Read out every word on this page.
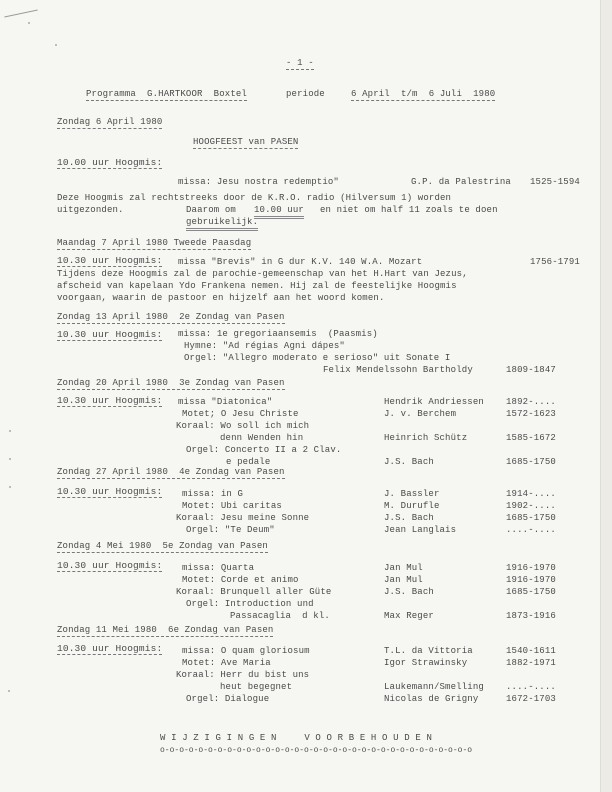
- 1 -
Programma  G.HARTKOOR  Boxtel	periode	6 April  t/m  6 Juli  1980
Zondag 6 April 1980
HOOGFEEST van PASEN
10.00 uur Hoogmis:
missa: Jesu nostra redemptio"	G.P. da Palestrina 1525-1594
Deze Hoogmis zal rechtstreeks door de K.R.O. radio (Hilversum 1) worden
uitgezonden.	Daarom om 10.00 uur en niet om half 11 zoals te doen
gebruikelijk.
Maandag 7 April 1980 Tweede Paasdag
10.30 uur Hoogmis: missa "Brevis" in G dur K.V. 140 W.A. Mozart	1756-1791
Tijdens deze Hoogmis zal de parochie-gemeenschap van het H.Hart van Jezus,
afscheid van kapelaan Ydo Frankena nemen. Hij zal de feestelijke Hoogmis
voorgaan, waarin de pastoor en hijzelf aan het woord komen.
Zondag 13 April 1980  2e Zondag van Pasen
10.30 uur Hoogmis: missa: 1e gregoriaansemis  (Paasmis)
Hymne: "Ad régias Agni dápes"
Orgel: "Allegro moderato e serioso" uit Sonate I
Felix Mendelssohn Bartholdy	1809-1847
Zondag 20 April 1980  3e Zondag van Pasen
10.30 uur Hoogmis: missa "Diatonica"	Hendrik Andriessen 1892-....
Motet; O Jesu Christe	J. v. Berchem	1572-1623
Koraal: Wo soll ich mich
denn Wenden hin	Heinrich Schütz	1585-1672
Orgel: Concerto II a 2 Clav.
e pedale	J.S. Bach	1685-1750
Zondag 27 April 1980  4e Zondag van Pasen
10.30 uur Hoogmis: missa: in G	J. Bassler	1914-....
Motet: Ubi caritas	M. Durufle	1902-....
Koraal: Jesu meine Sonne	J.S. Bach	1685-1750
Orgel: "Te Deum"	Jean Langlais	....-....
Zondag 4 Mei 1980  5e Zondag van Pasen
10.30 uur Hoogmis: missa: Quarta	Jan Mul	1916-1970
Motet: Corde et animo	Jan Mul	1916-1970
Koraal: Brunquell aller Güte	J.S. Bach	1685-1750
Orgel: Introduction und
Passacaglia  d kl.	Max Reger	1873-1916
Zondag 11 Mei 1980  6e Zondag van Pasen
10.30 uur Hoogmis: missa: O quam gloriosum	T.L. da Vittoria	1540-1611
Motet: Ave Maria	Igor Strawinsky	1882-1971
Koraal: Herr du bist uns
heut begegnet	Laukemann/Smelling ....-....
Orgel: Dialogue	Nicolas de Grigny	1672-1703
W I J Z I G I N G E N     V O O R B E H O U D E N
o-o-o-o-o-o-o-o-o-o-o-o-o-o-o-o-o-o-o-o-o-o-o-o-o-o-o-o-o-o-o-o-o
